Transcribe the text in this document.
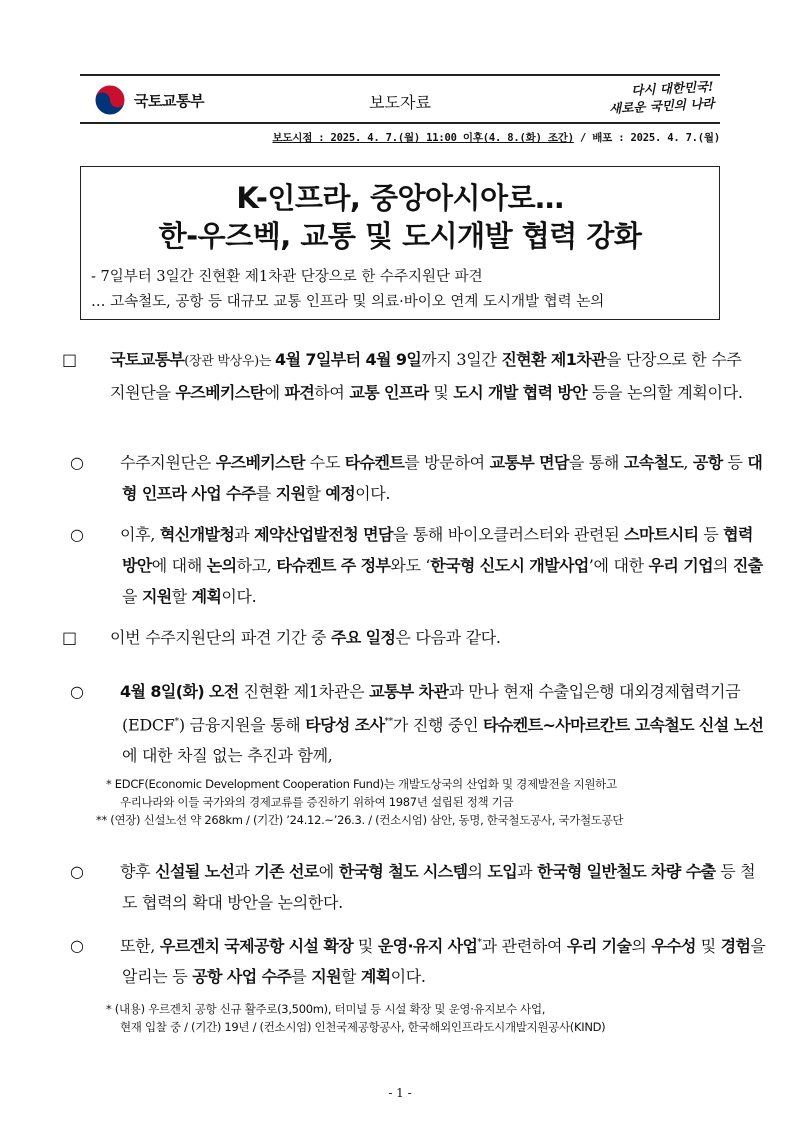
국토교통부	보도자료
다시 대한민국!
새로운 국민의 나라
보도시점 : 2025. 4. 7.(월) 11:00 이후(4. 8.(화) 조간) / 배포 : 2025. 4. 7.(월)
K-인프라, 중앙아시아로…
한-우즈벡, 교통 및 도시개발 협력 강화
- 7일부터 3일간 진현환 제1차관 단장으로 한 수주지원단 파견
… 고속철도, 공항 등 대규모 교통 인프라 및 의료·바이오 연계 도시개발 협력 논의
□ 국토교통부(장관 박상우)는 4월 7일부터 4월 9일까지 3일간 진현환 제1차관을 단장으로 한 수주지원단을 우즈베키스탄에 파견하여 교통 인프라 및 도시 개발 협력 방안 등을 논의할 계획이다.
○ 수주지원단은 우즈베키스탄 수도 타슈켄트를 방문하여 교통부 면담을 통해 고속철도, 공항 등 대형 인프라 사업 수주를 지원할 예정이다.
○ 이후, 혁신개발청과 제약산업발전청 면담을 통해 바이오클러스터와 관련된 스마트시티 등 협력 방안에 대해 논의하고, 타슈켄트 주 정부와도 ‘한국형 신도시 개발사업’에 대한 우리 기업의 진출을 지원할 계획이다.
□ 이번 수주지원단의 파견 기간 중 주요 일정은 다음과 같다.
○ 4월 8일(화) 오전 진현환 제1차관은 교통부 차관과 만나 현재 수출입은행 대외경제협력기금(EDCF*) 금융지원을 통해 타당성 조사**가 진행 중인 타슈켄트~사마르칸트 고속철도 신설 노선에 대한 차질 없는 추진과 함께,
* EDCF(Economic Development Cooperation Fund)는 개발도상국의 산업화 및 경제발전을 지원하고
우리나라와 이들 국가와의 경제교류를 증진하기 위하여 1987년 설립된 정책 기금
** (연장) 신설노선 약 268km / (기간) ’24.12.~’26.3. / (컨소시엄) 삼안, 동명, 한국철도공사, 국가철도공단
○ 향후 신설될 노선과 기존 선로에 한국형 철도 시스템의 도입과 한국형 일반철도 차량 수출 등 철도 협력의 확대 방안을 논의한다.
○ 또한, 우르겐치 국제공항 시설 확장 및 운영·유지 사업*과 관련하여 우리 기술의 우수성 및 경험을 알리는 등 공항 사업 수주를 지원할 계획이다.
* (내용) 우르겐치 공항 신규 활주로(3,500m), 터미널 등 시설 확장 및 운영·유지보수 사업,
현재 입찰 중 / (기간) 19년 / (컨소시엄) 인천국제공항공사, 한국해외인프라도시개발지원공사(KIND)
- 1 -
